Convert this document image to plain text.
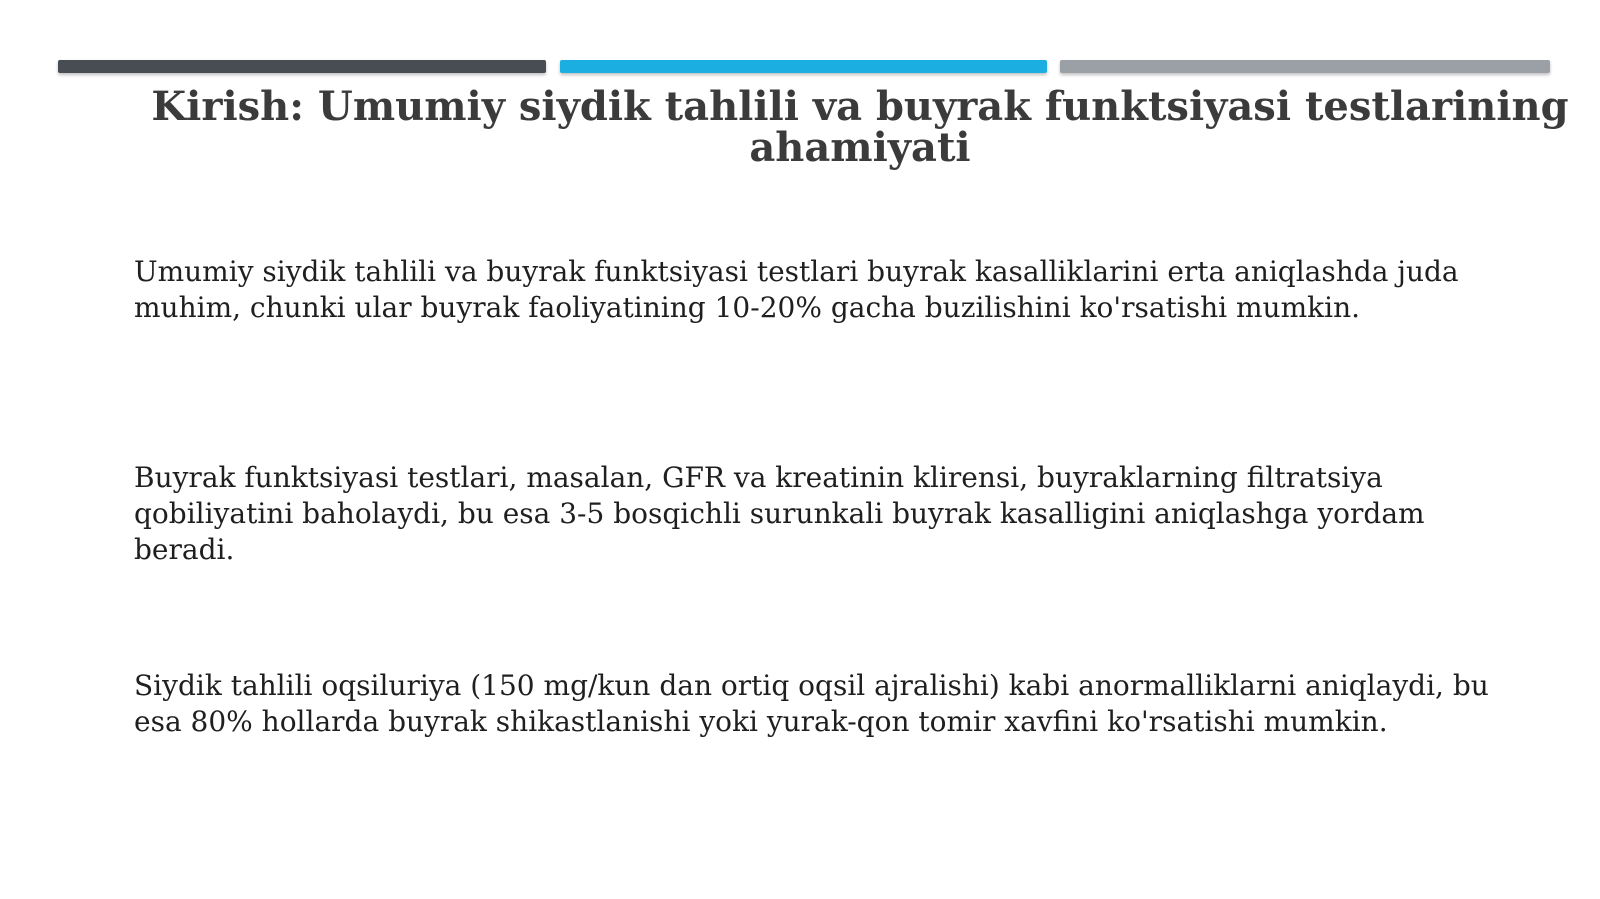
Kirish: Umumiy siydik tahlili va buyrak funktsiyasi testlarining ahamiyati

Umumiy siydik tahlili va buyrak funktsiyasi testlari buyrak kasalliklarini erta aniqlashda juda muhim, chunki ular buyrak faoliyatining 10-20% gacha buzilishini ko'rsatishi mumkin.

Buyrak funktsiyasi testlari, masalan, GFR va kreatinin klirensi, buyraklarning filtratsiya qobiliyatini baholaydi, bu esa 3-5 bosqichli surunkali buyrak kasalligini aniqlashga yordam beradi.

Siydik tahlili oqsiluriya (150 mg/kun dan ortiq oqsil ajralishi) kabi anormalliklarni aniqlaydi, bu esa 80% hollarda buyrak shikastlanishi yoki yurak-qon tomir xavfini ko'rsatishi mumkin.
